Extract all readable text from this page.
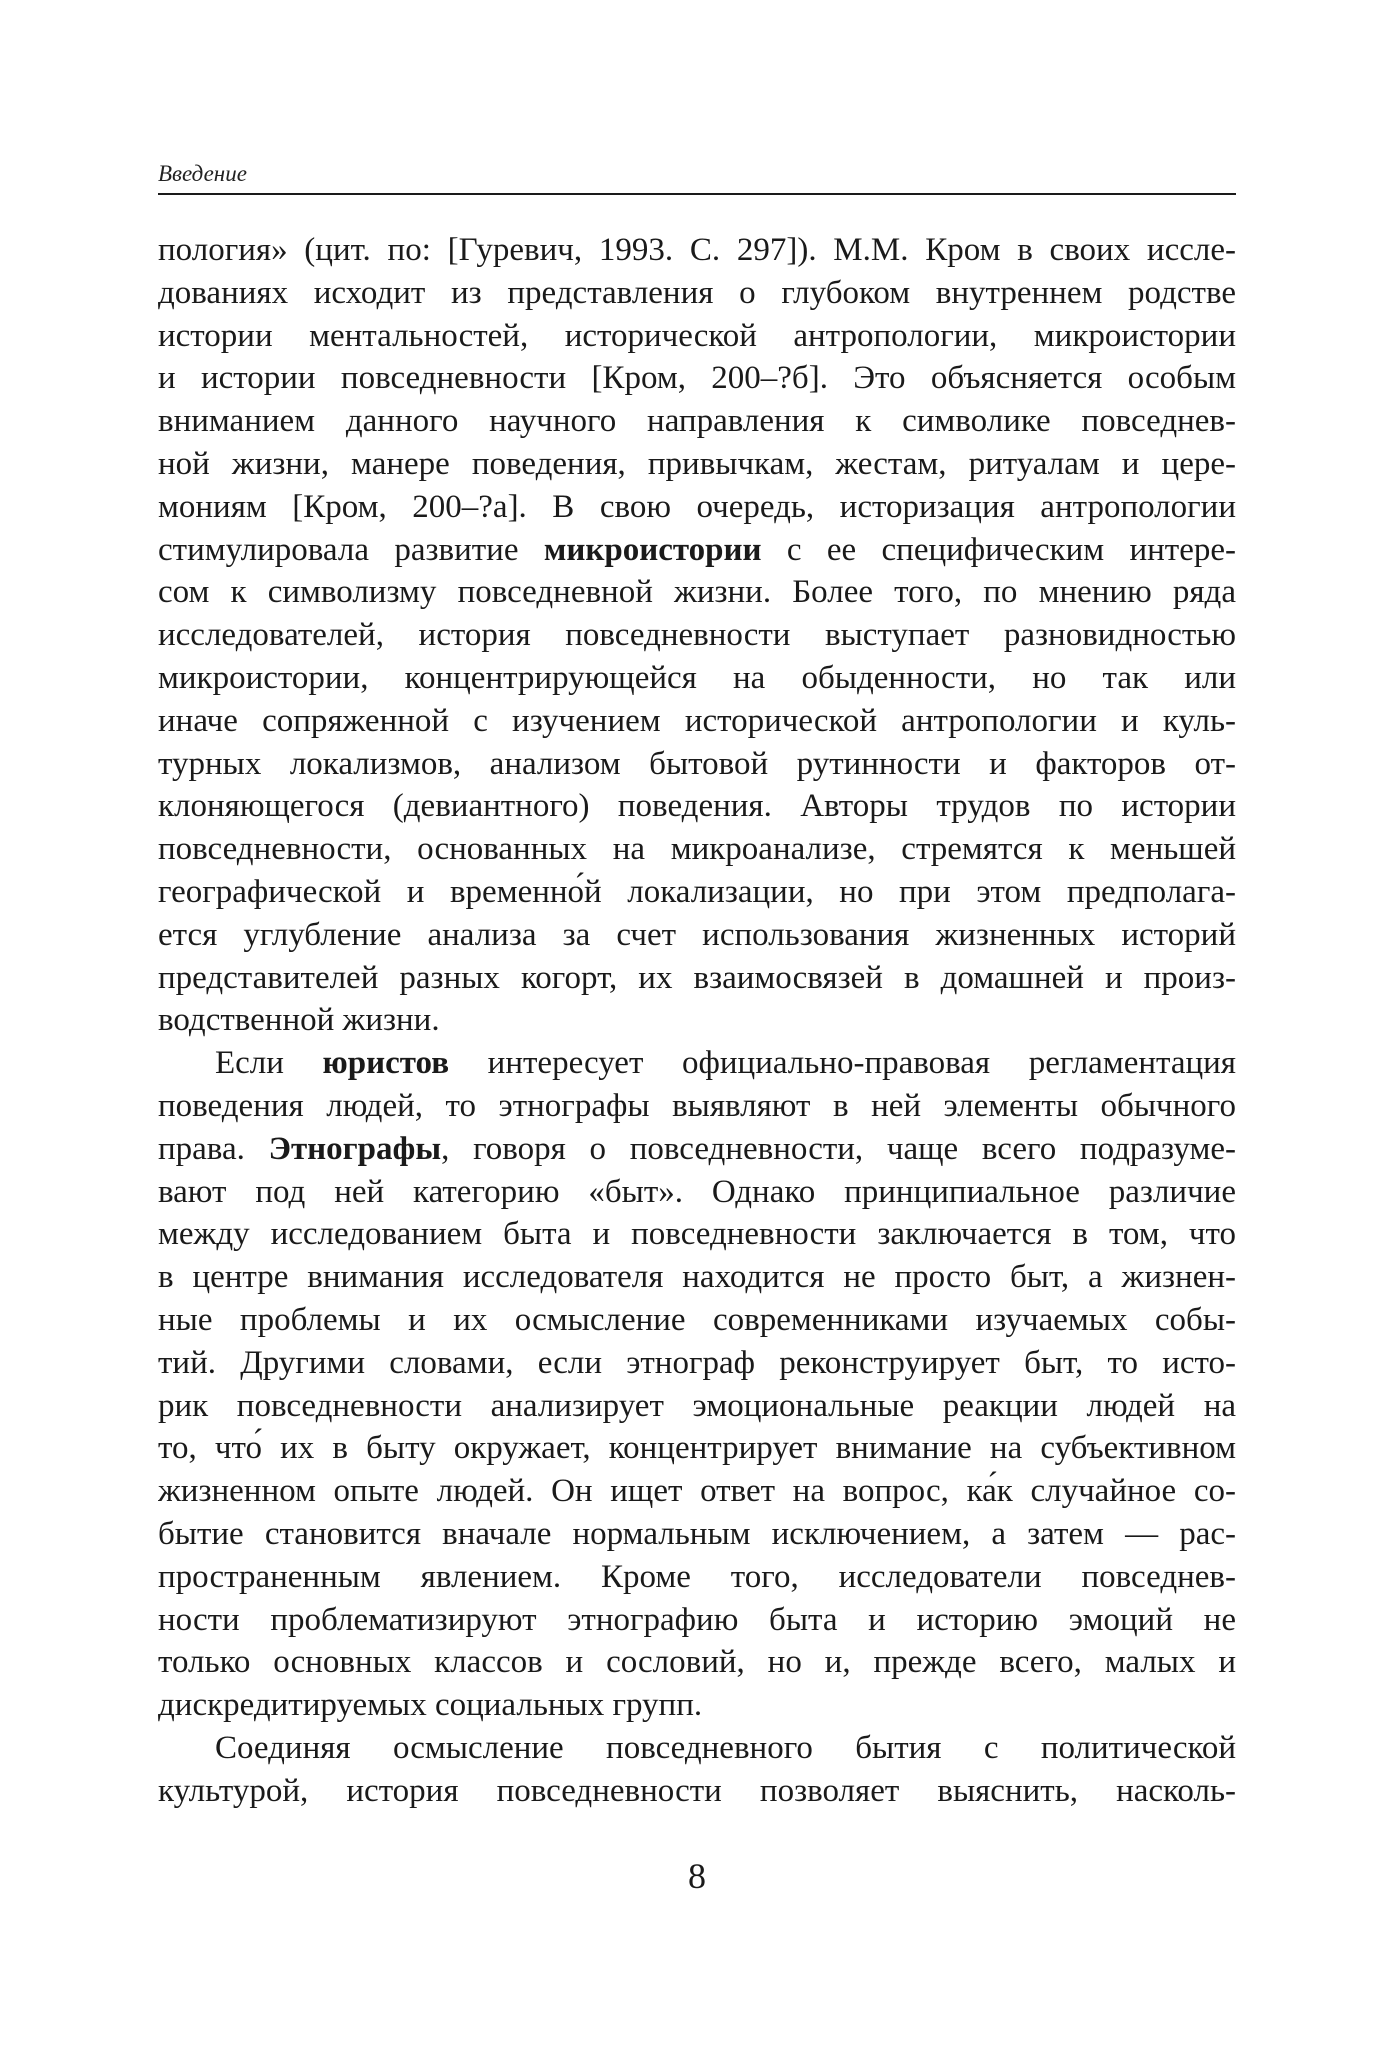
Введение
пология» (цит. по: [Гуревич, 1993. С. 297]). М.М. Кром в своих иссле-
дованиях исходит из представления о глубоком внутреннем родстве
истории ментальностей, исторической антропологии, микроистории
и истории повседневности [Кром, 200–?б]. Это объясняется особым
вниманием данного научного направления к символике повседнев-
ной жизни, манере поведения, привычкам, жестам, ритуалам и цере-
мониям [Кром, 200–?а]. В свою очередь, историзация антропологии
стимулировала развитие микроистории с ее специфическим интере-
сом к символизму повседневной жизни. Более того, по мнению ряда
исследователей, история повседневности выступает разновидностью
микроистории, концентрирующейся на обыденности, но так или
иначе сопряженной с изучением исторической антропологии и куль-
турных локализмов, анализом бытовой рутинности и факторов от-
клоняющегося (девиантного) поведения. Авторы трудов по истории
повседневности, основанных на микроанализе, стремятся к меньшей
географической и временно́й локализации, но при этом предполага-
ется углубление анализа за счет использования жизненных историй
представителей разных когорт, их взаимосвязей в домашней и произ-
водственной жизни.
Если юристов интересует официально-правовая регламентация
поведения людей, то этнографы выявляют в ней элементы обычного
права. Этнографы, говоря о повседневности, чаще всего подразуме-
вают под ней категорию «быт». Однако принципиальное различие
между исследованием быта и повседневности заключается в том, что
в центре внимания исследователя находится не просто быт, а жизнен-
ные проблемы и их осмысление современниками изучаемых собы-
тий. Другими словами, если этнограф реконструирует быт, то исто-
рик повседневности анализирует эмоциональные реакции людей на
то, что́ их в быту окружает, концентрирует внимание на субъективном
жизненном опыте людей. Он ищет ответ на вопрос, ка́к случайное со-
бытие становится вначале нормальным исключением, а затем — рас-
пространенным явлением. Кроме того, исследователи повседнев-
ности проблематизируют этнографию быта и историю эмоций не
только основных классов и сословий, но и, прежде всего, малых и
дискредитируемых социальных групп.
Соединяя осмысление повседневного бытия с политической
культурой, история повседневности позволяет выяснить, насколь-
8
